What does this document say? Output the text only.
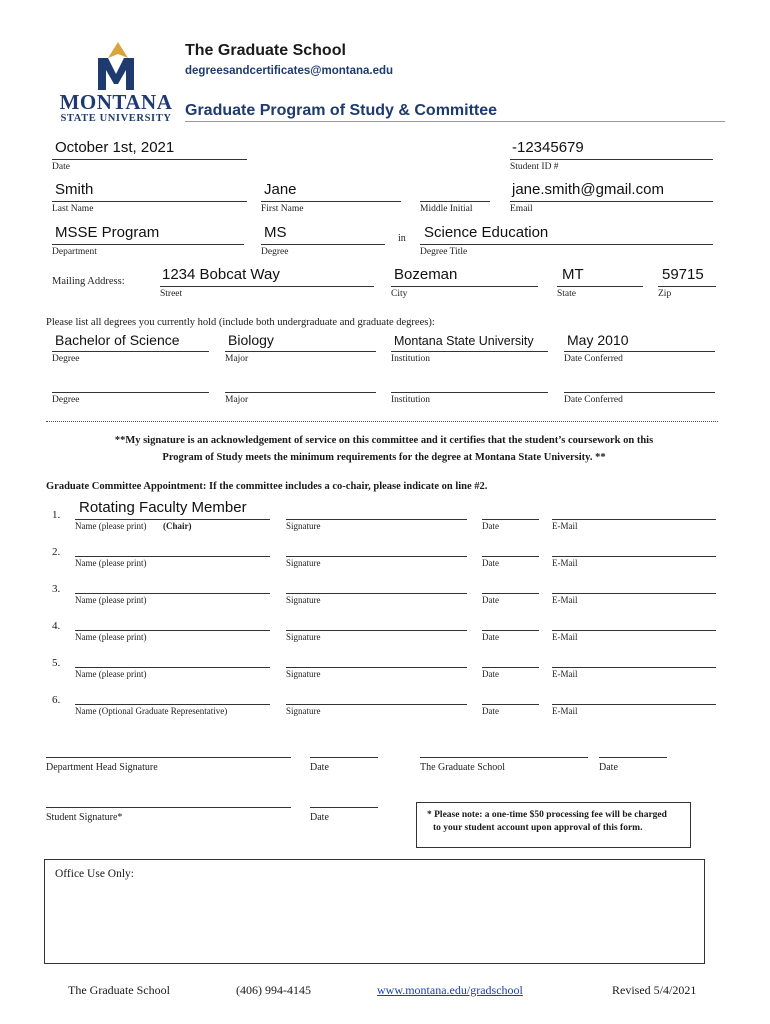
MONTANA
STATE UNIVERSITY
The Graduate School
degreesandcertificates@montana.edu
Graduate Program of Study & Committee
October 1st, 2021
Date
-12345679
Student ID #
Smith
Last Name
Jane
First Name	Middle Initial
jane.smith@gmail.com
Email
MSSE Program
Department
MS
Degree
in Science Education
Degree Title
Mailing Address: 1234 Bobcat Way
Street
Bozeman
City
MT
State
59715
Zip
Please list all degrees you currently hold (include both undergraduate and graduate degrees):
Bachelor of Science
Degree
Biology
Major
Montana State University
Institution
May 2010
Date Conferred
Degree	Major	Institution	Date Conferred
**My signature is an acknowledgement of service on this committee and it certifies that the student’s coursework on this
Program of Study meets the minimum requirements for the degree at Montana State University. **
Graduate Committee Appointment: If the committee includes a co-chair, please indicate on line #2.
1. Rotating Faculty Member
Name (please print) (Chair)	Signature	Date	E-Mail
2.
Name (please print)	Signature	Date	E-Mail
3.
Name (please print)	Signature	Date	E-Mail
4.
Name (please print)	Signature	Date	E-Mail
5.
Name (please print)	Signature	Date	E-Mail
6.
Name (Optional Graduate Representative)	Signature	Date	E-Mail
Department Head Signature	Date	The Graduate School	Date
Student Signature*	Date	* Please note: a one-time $50 processing fee will be charged
to your student account upon approval of this form.
Office Use Only:
The Graduate School	(406) 994-4145	www.montana.edu/gradschool	Revised 5/4/2021
